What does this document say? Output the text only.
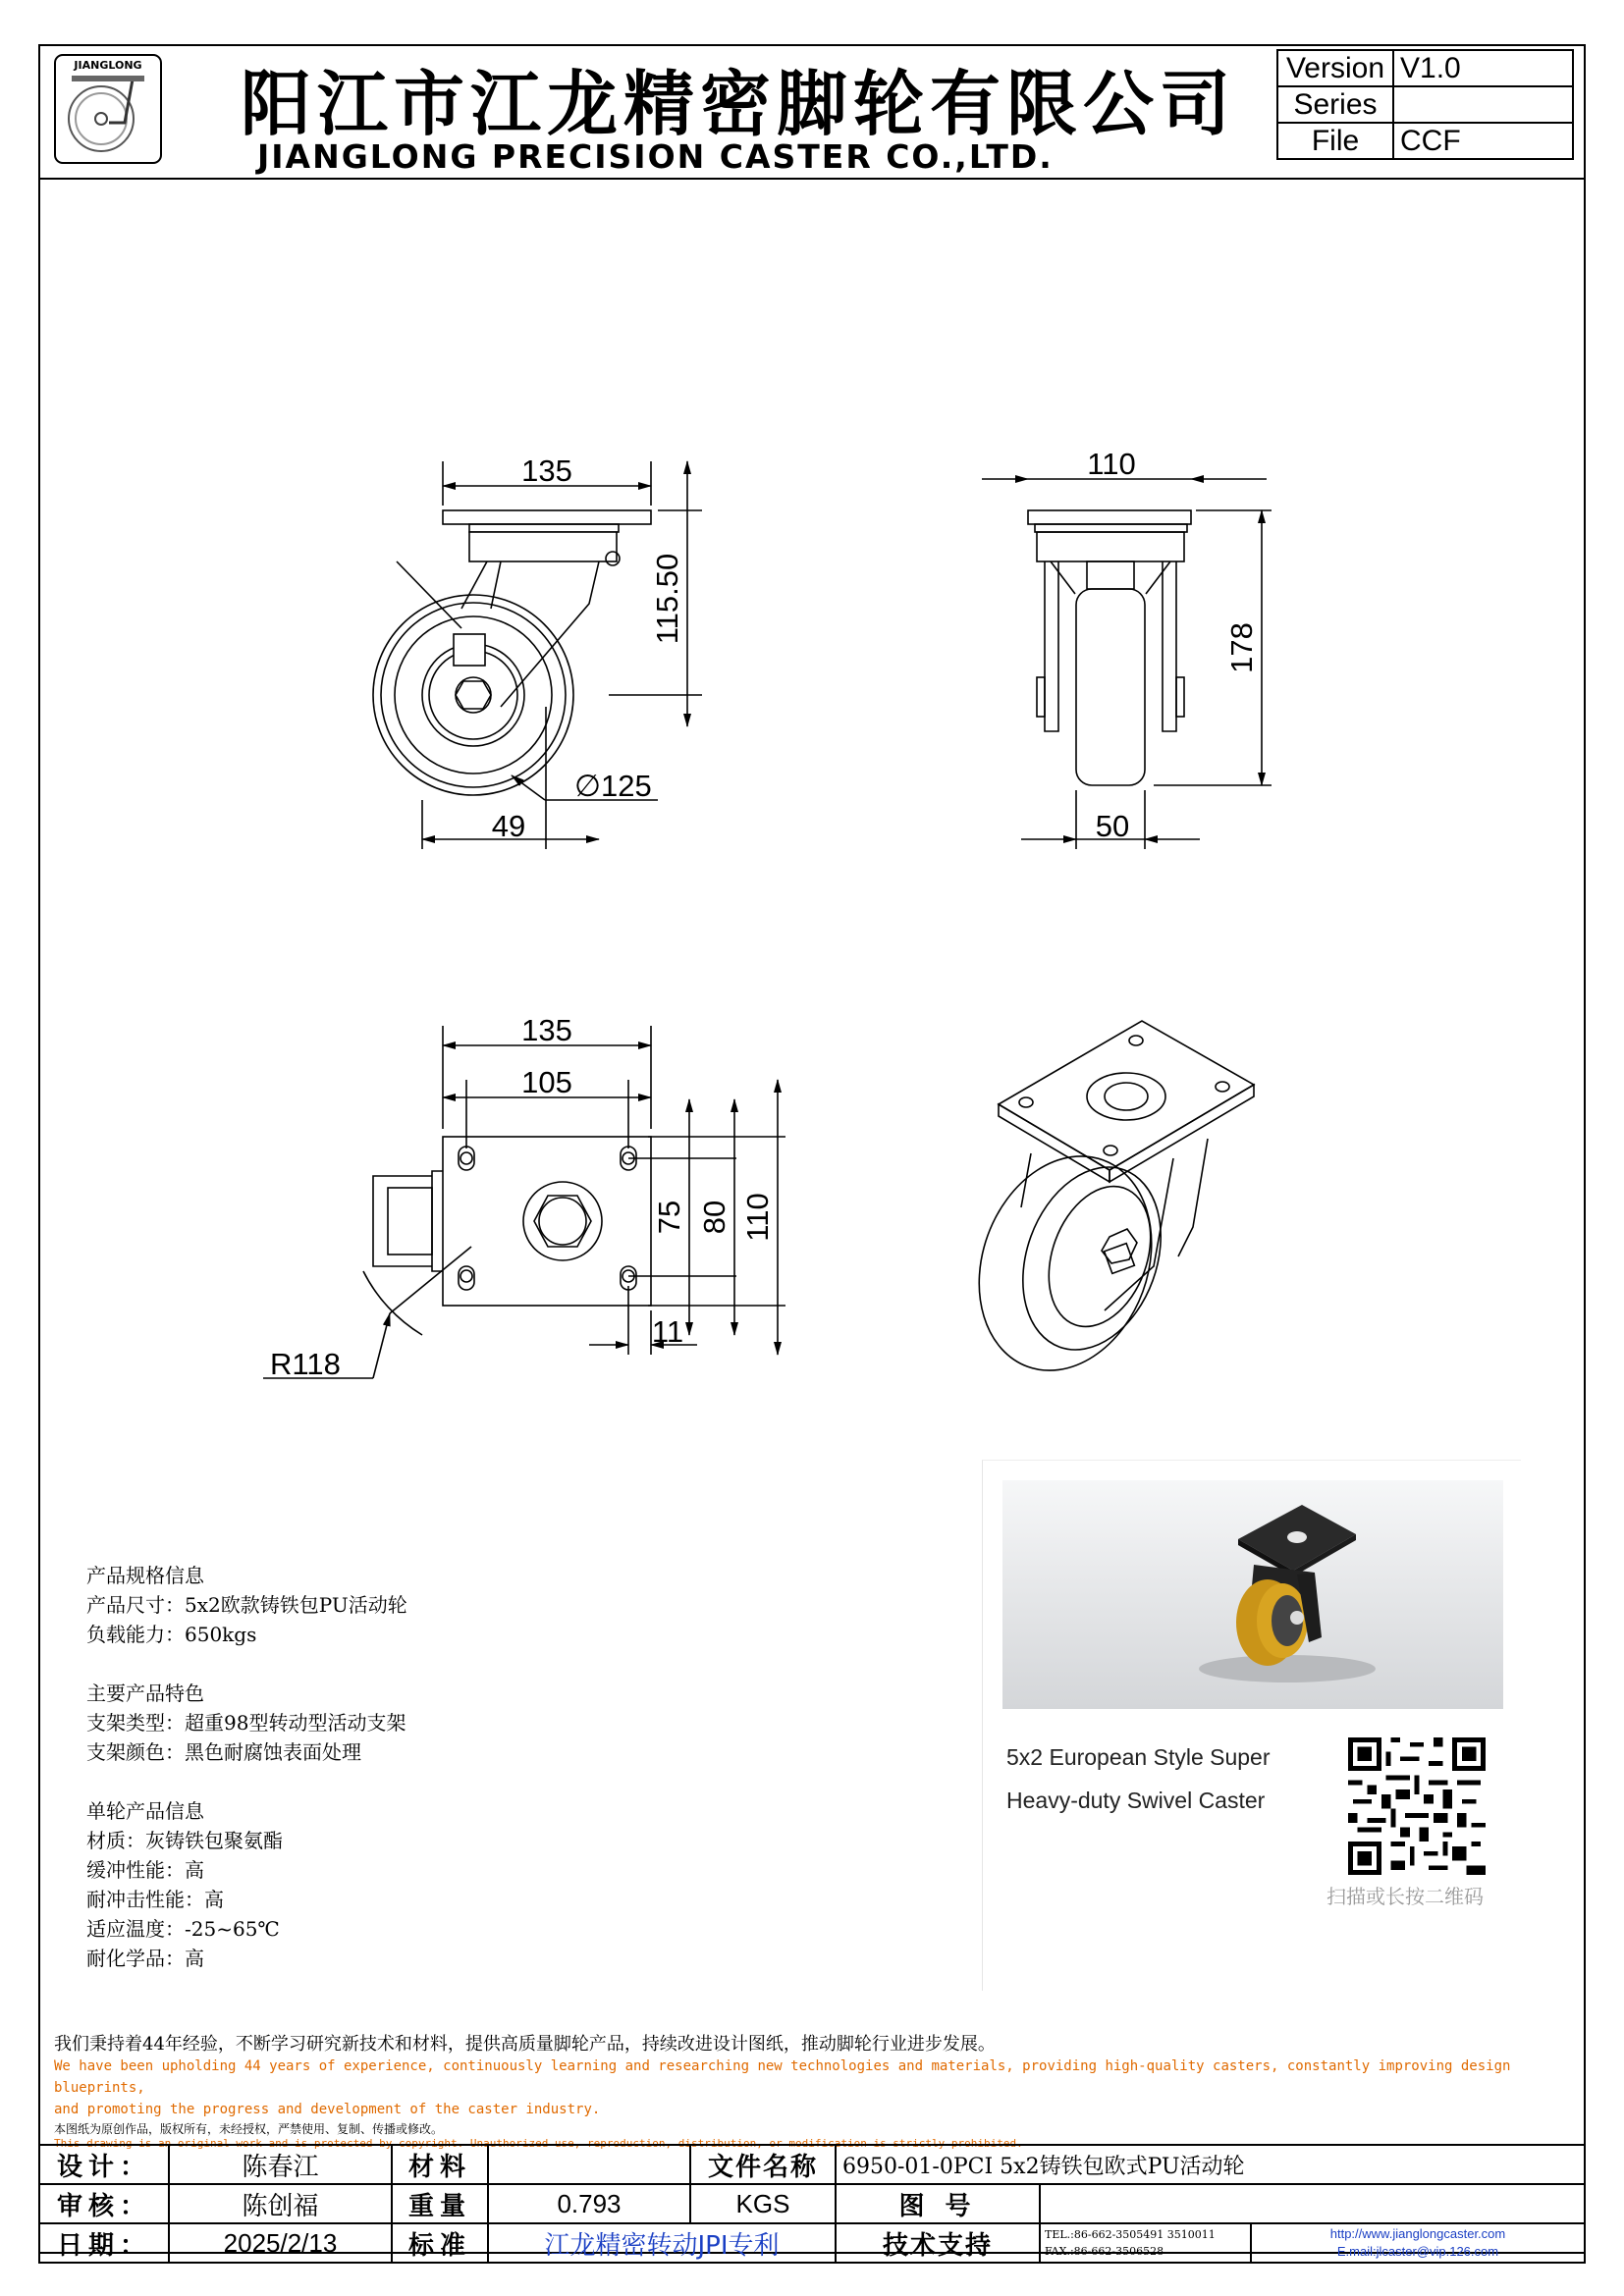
JIANGLONG 阳江市江龙精密脚轮有限公司
JIANGLONG PRECISION CASTER CO.,LTD.
Version	V1.0
Series	
File	CCF
135
115.50
∅125
49
110
178
50
135
105
75 80 110
11
R118
产品规格信息
产品尺寸：5x2欧款铸铁包PU活动轮
负载能力：650kgs
主要产品特色
支架类型：超重98型转动型活动支架
支架颜色：黑色耐腐蚀表面处理
单轮产品信息
材质：灰铸铁包聚氨酯
缓冲性能：高
耐冲击性能：高
适应温度：-25~65℃
耐化学品：高
5x2 European Style Super
Heavy-duty Swivel Caster
扫描或长按二维码
我们秉持着44年经验，不断学习研究新技术和材料，提供高质量脚轮产品，持续改进设计图纸，推动脚轮行业进步发展。
We have been upholding 44 years of experience, continuously learning and researching new technologies and materials, providing high-quality casters, constantly improving design blueprints,
and promoting the progress and development of the caster industry.
本图纸为原创作品，版权所有，未经授权，严禁使用、复制、传播或修改。
This drawing is an original work and is protected by copyright. Unauthorized use, reproduction, distribution, or modification is strictly prohibited.
设计：	陈春江	材料		文件名称	6950-01-0PCI 5x2铸铁包欧式PU活动轮	
审核：	陈创福	重量	0.793	KGS	图 号	
日期：	2025/2/13	标准	江龙精密转动JPI专利		技术支持	TEL.:86-662-3505491 3510011
FAX.:86-662-3506528
http://www.jianglongcaster.com
E.mail:jlcaster@vip.126.com
